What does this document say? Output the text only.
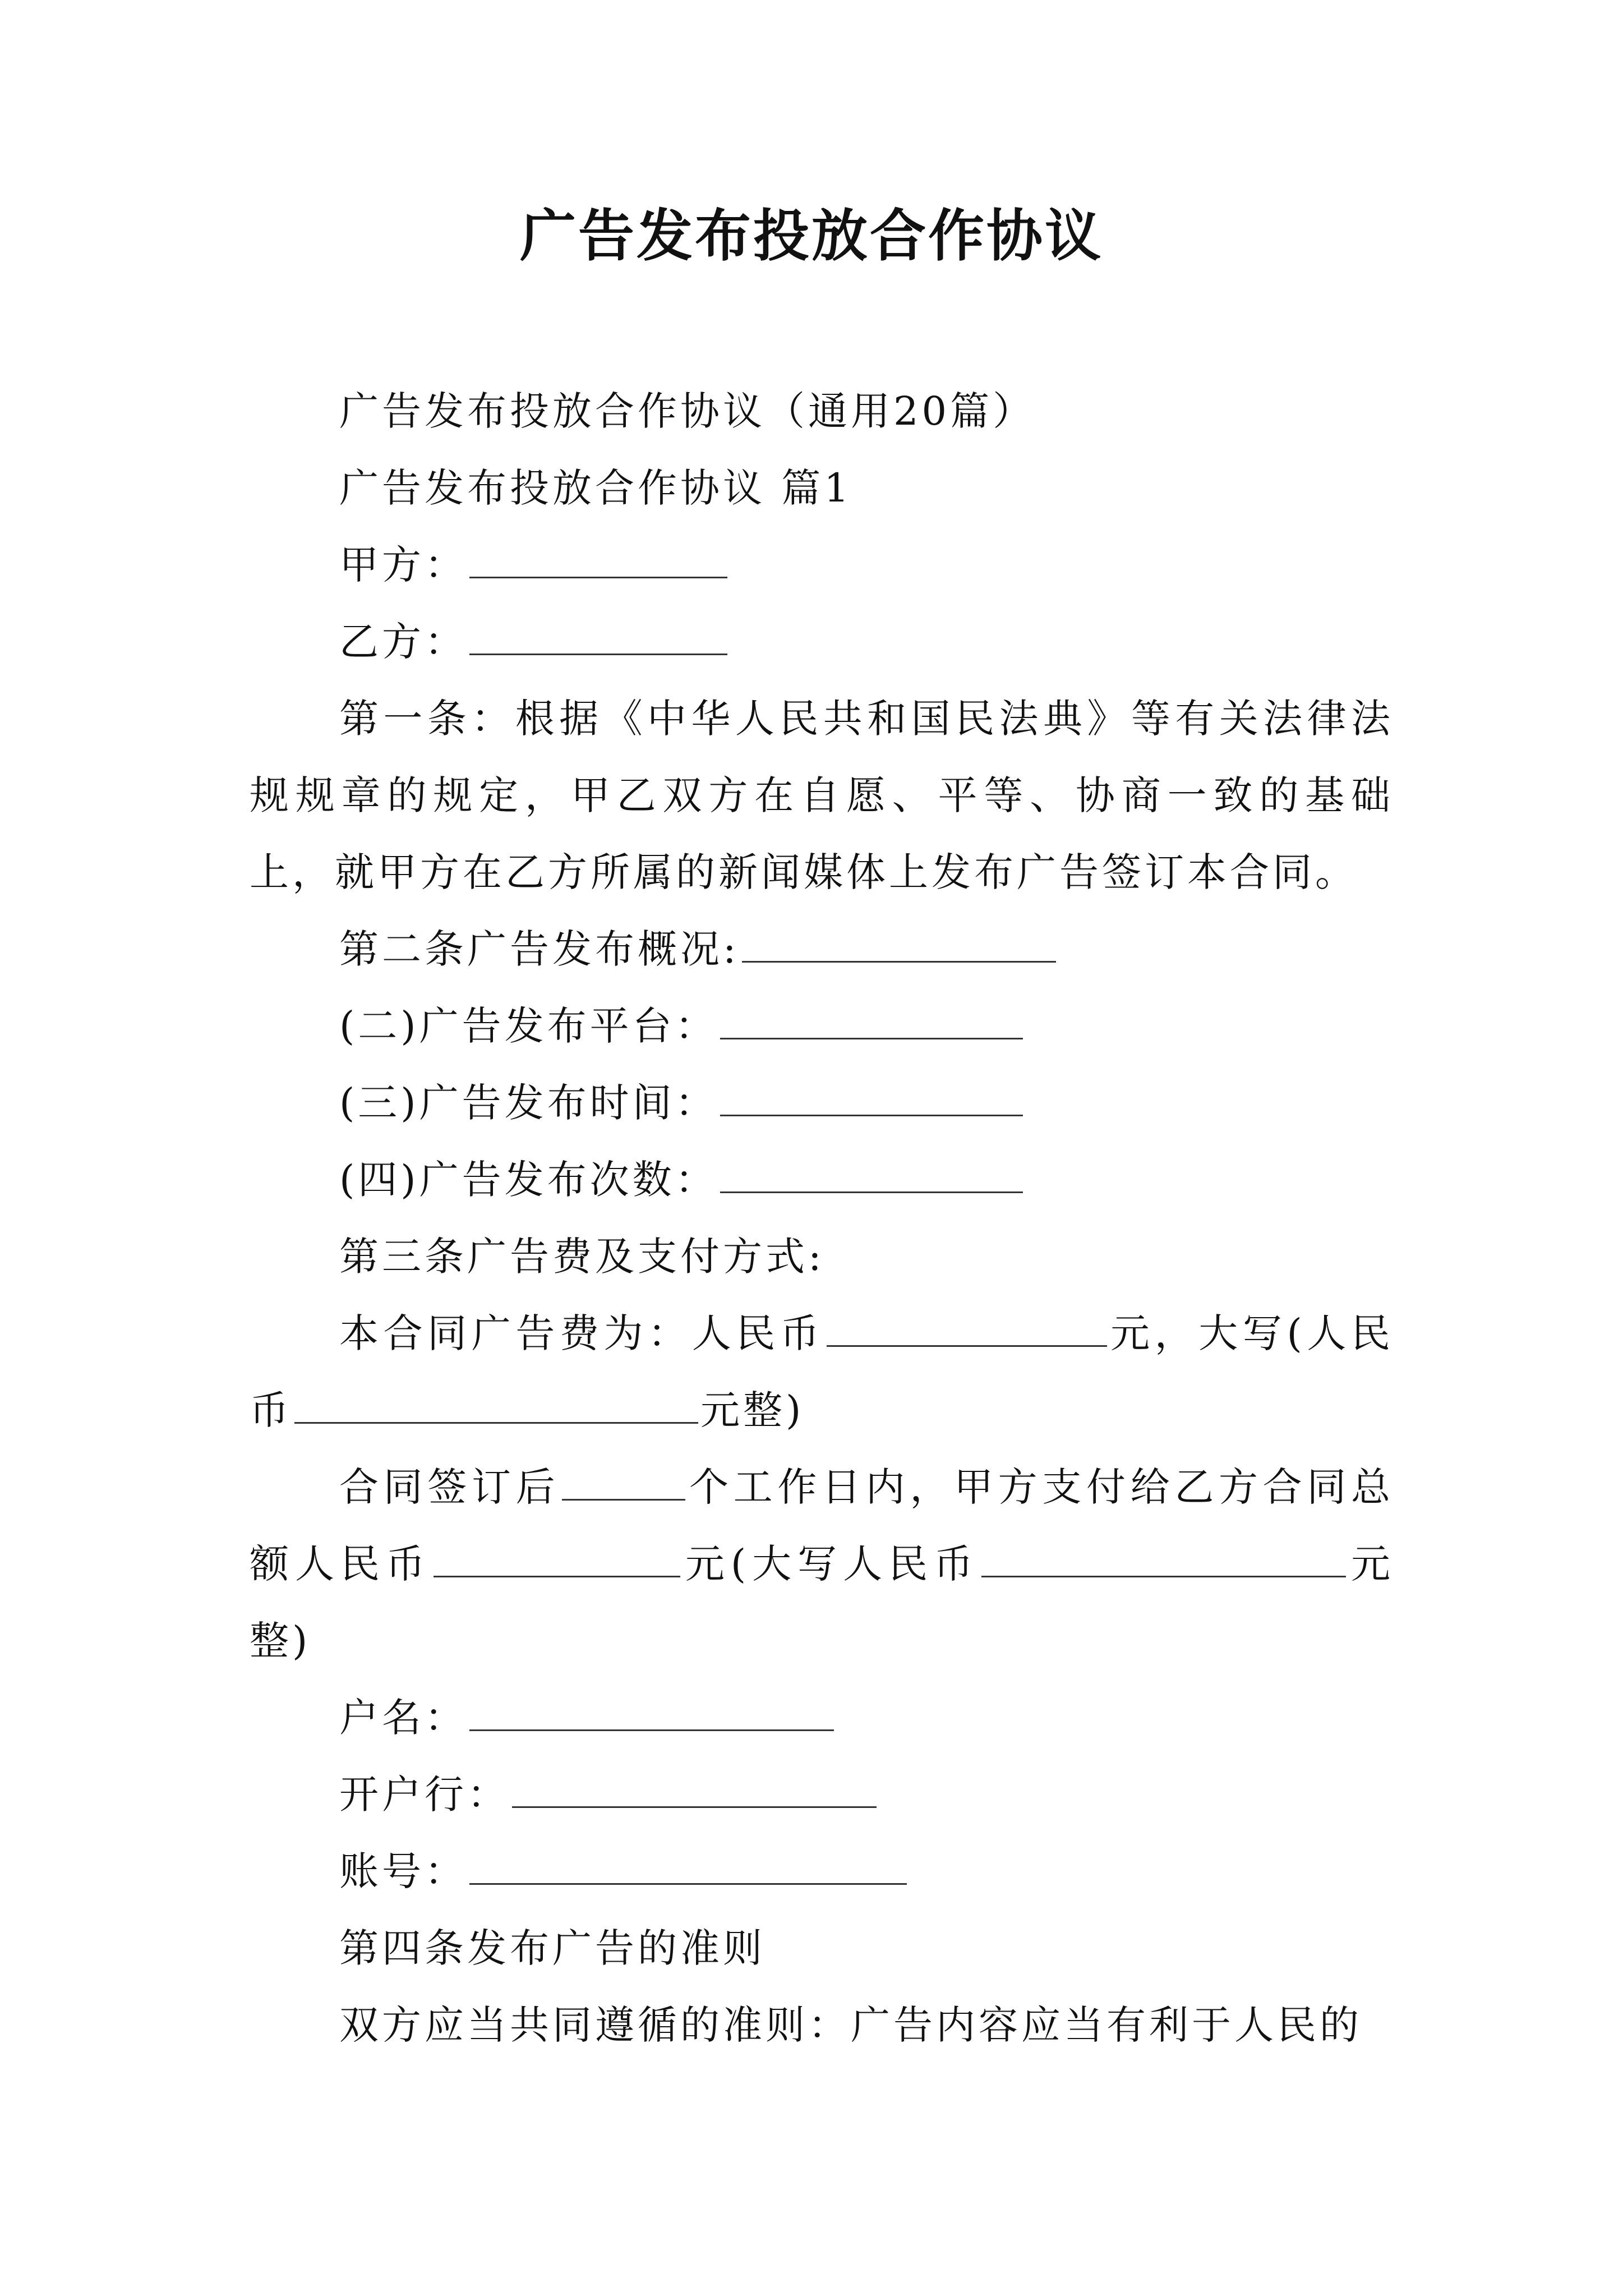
广告发布投放合作协议

广告发布投放合作协议（通用20篇）

广告发布投放合作协议 篇1

甲方：

乙方：

第一条：根据《中华人民共和国民法典》等有关法律法规规章的规定，甲乙双方在自愿、平等、协商一致的基础上，就甲方在乙方所属的新闻媒体上发布广告签订本合同。

第二条广告发布概况:

(二)广告发布平台：

(三)广告发布时间：

(四)广告发布次数：

第三条广告费及支付方式:

本合同广告费为：人民币	元，大写(人民币	元整)

合同签订后	个工作日内，甲方支付给乙方合同总额人民币	元(大写人民币	元整)

户名：

开户行：

账号：

第四条发布广告的准则

双方应当共同遵循的准则：广告内容应当有利于人民的
